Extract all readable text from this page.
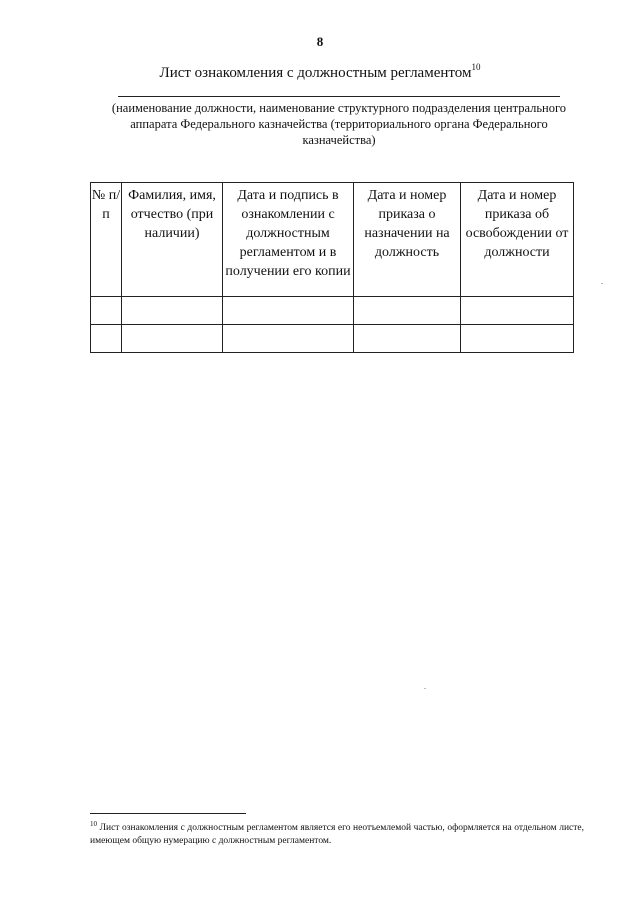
8
Лист ознакомления с должностным регламентом$^{10}$
(наименование должности, наименование структурного подразделения центрального аппарата Федерального казначейства (территориального органа Федерального казначейства)
№ п/п	Фамилия, имя, отчество (при наличии)	Дата и подпись в ознакомлении с должностным регламентом и в получении его копии	Дата и номер приказа о назначении на должность	Дата и номер приказа об освобождении от должности

$^{10}$ Лист ознакомления с должностным регламентом является его неотъемлемой частью, оформляется на отдельном листе, имеющем общую нумерацию с должностным регламентом.
